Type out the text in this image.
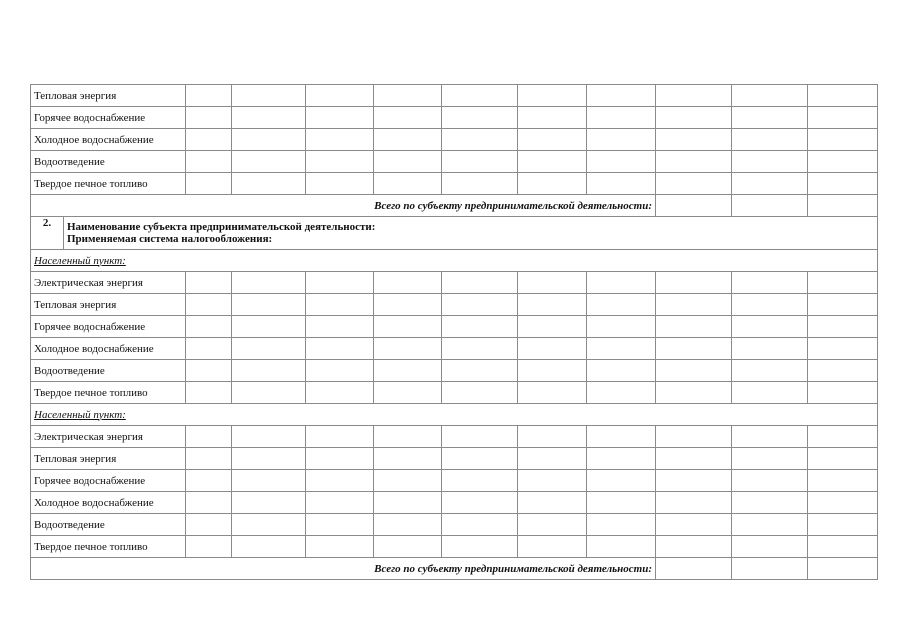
Тепловая энергия											
Горячее водоснабжение											
Холодное водоснабжение											
Водоотведение											
Твердое печное топливо											
Всего по субъекту предпринимательской деятельности:											
2.	Наименование субъекта предпринимательской деятельности:
Применяемая система налогообложения:										

Населенный пункт:											
Электрическая энергия											
Тепловая энергия											
Горячее водоснабжение											
Холодное водоснабжение											
Водоотведение											
Твердое печное топливо											
Населенный пункт:											
Электрическая энергия											
Тепловая энергия											
Горячее водоснабжение											
Холодное водоснабжение											
Водоотведение											
Твердое печное топливо											
Всего по субъекту предпринимательской деятельности:											
